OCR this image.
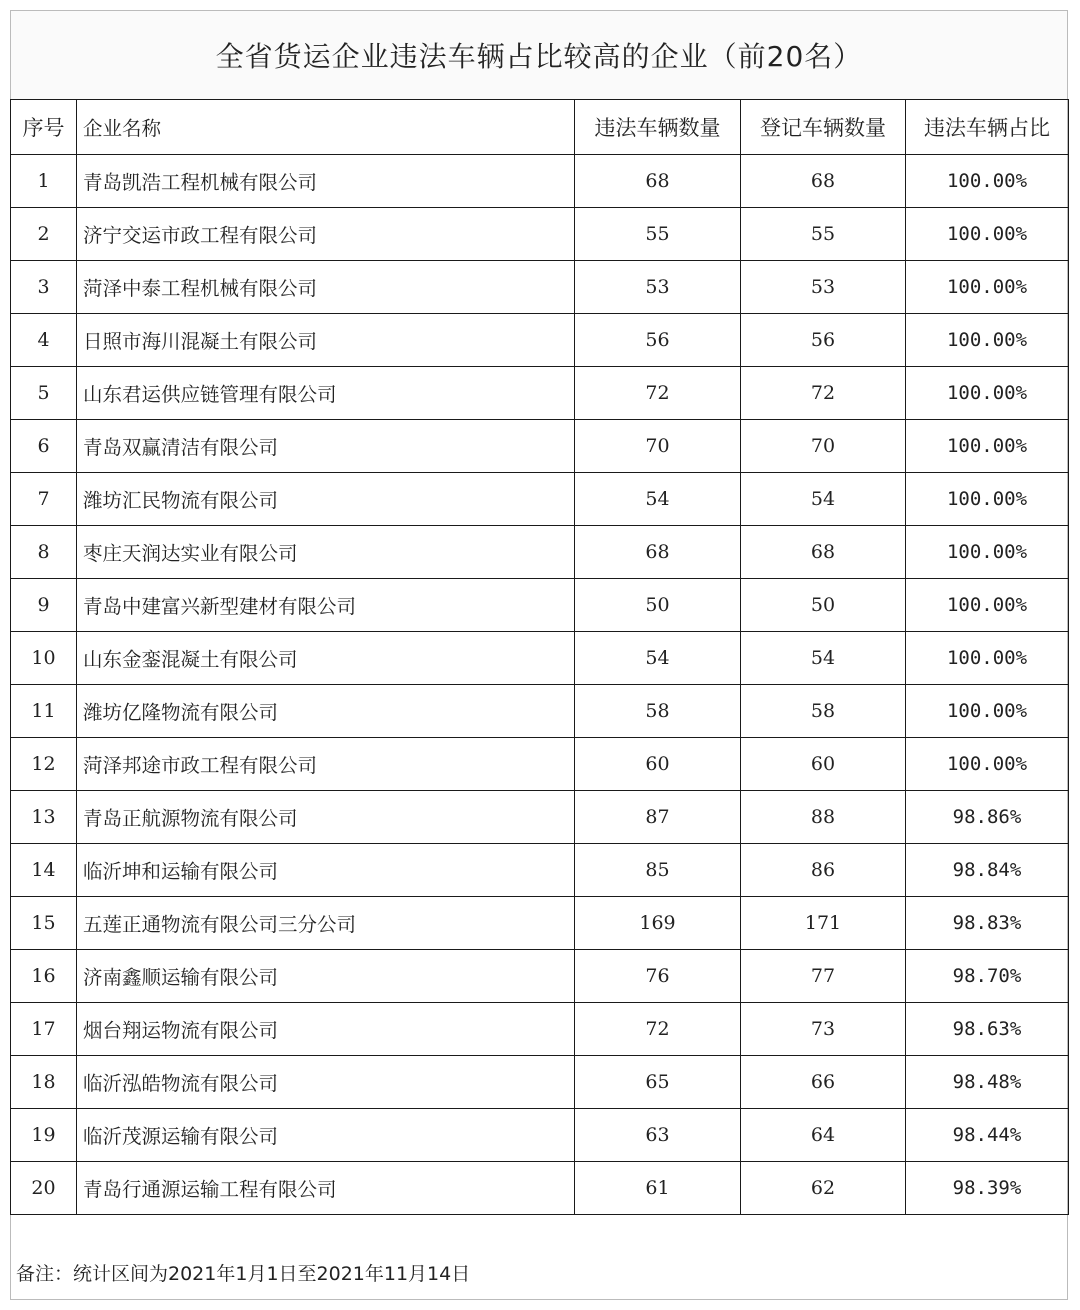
全省货运企业违法车辆占比较高的企业（前20名）
序号	企业名称	违法车辆数量	登记车辆数量	违法车辆占比
1	青岛凯浩工程机械有限公司	68	68	100.00%
2	济宁交运市政工程有限公司	55	55	100.00%
3	菏泽中泰工程机械有限公司	53	53	100.00%
4	日照市海川混凝土有限公司	56	56	100.00%
5	山东君运供应链管理有限公司	72	72	100.00%
6	青岛双赢清洁有限公司	70	70	100.00%
7	潍坊汇民物流有限公司	54	54	100.00%
8	枣庄天润达实业有限公司	68	68	100.00%
9	青岛中建富兴新型建材有限公司	50	50	100.00%
10	山东金銮混凝土有限公司	54	54	100.00%
11	潍坊亿隆物流有限公司	58	58	100.00%
12	菏泽邦途市政工程有限公司	60	60	100.00%
13	青岛正航源物流有限公司	87	88	98.86%
14	临沂坤和运输有限公司	85	86	98.84%
15	五莲正通物流有限公司三分公司	169	171	98.83%
16	济南鑫顺运输有限公司	76	77	98.70%
17	烟台翔运物流有限公司	72	73	98.63%
18	临沂泓皓物流有限公司	65	66	98.48%
19	临沂茂源运输有限公司	63	64	98.44%
20	青岛行通源运输工程有限公司	61	62	98.39%
备注：统计区间为2021年1月1日至2021年11月14日
